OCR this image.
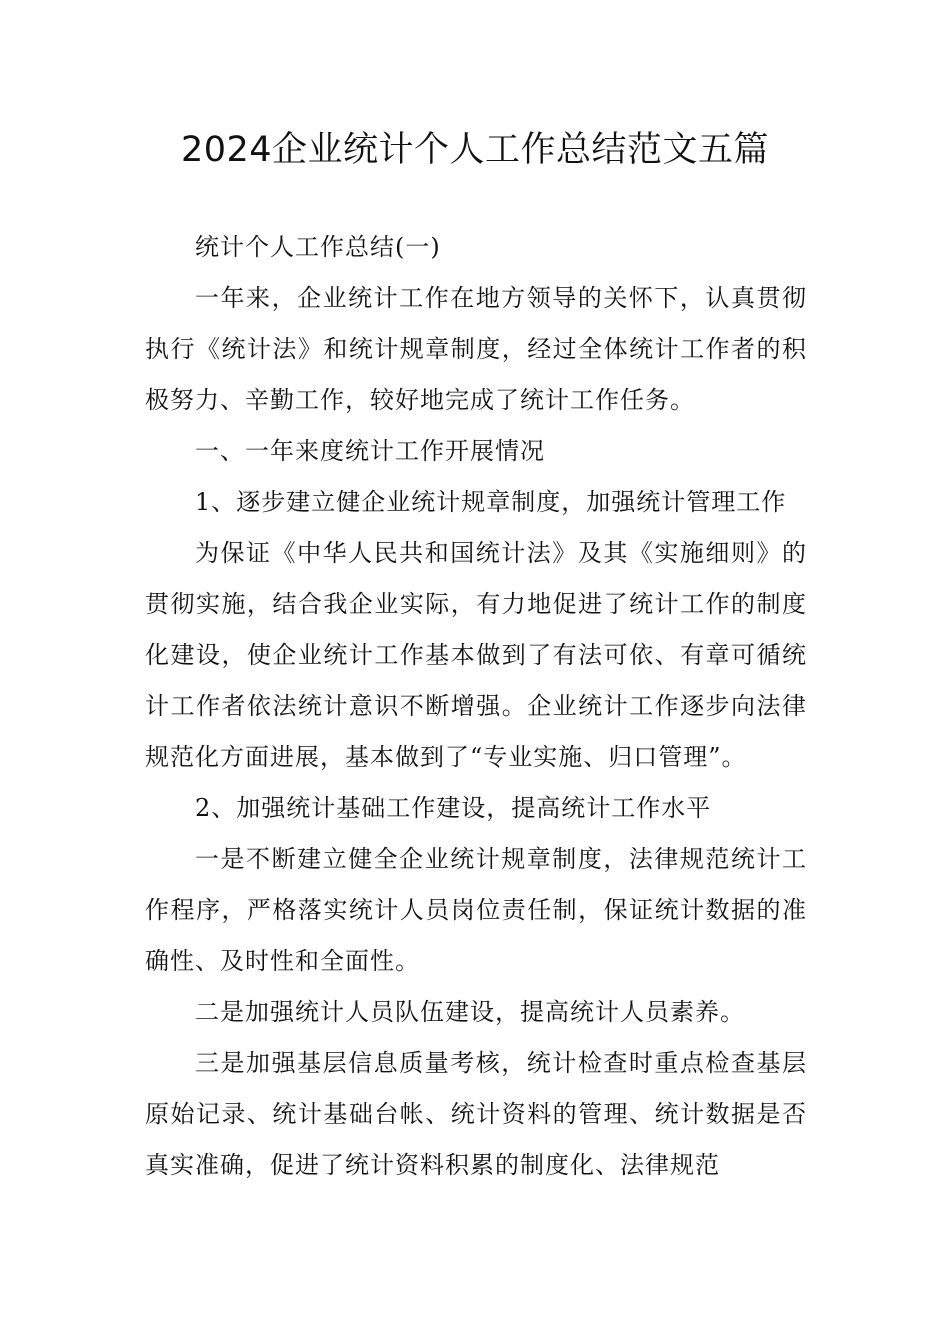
2024企业统计个人工作总结范文五篇

统计个人工作总结(一)

一年来，企业统计工作在地方领导的关怀下，认真贯彻执行《统计法》和统计规章制度，经过全体统计工作者的积极努力、辛勤工作，较好地完成了统计工作任务。

一、一年来度统计工作开展情况

1、逐步建立健企业统计规章制度，加强统计管理工作

为保证《中华人民共和国统计法》及其《实施细则》的贯彻实施，结合我企业实际，有力地促进了统计工作的制度化建设，使企业统计工作基本做到了有法可依、有章可循统计工作者依法统计意识不断增强。企业统计工作逐步向法律规范化方面进展，基本做到了“专业实施、归口管理”。

2、加强统计基础工作建设，提高统计工作水平

一是不断建立健全企业统计规章制度，法律规范统计工作程序，严格落实统计人员岗位责任制，保证统计数据的准确性、及时性和全面性。

二是加强统计人员队伍建设，提高统计人员素养。

三是加强基层信息质量考核，统计检查时重点检查基层原始记录、统计基础台帐、统计资料的管理、统计数据是否真实准确，促进了统计资料积累的制度化、法律规范
